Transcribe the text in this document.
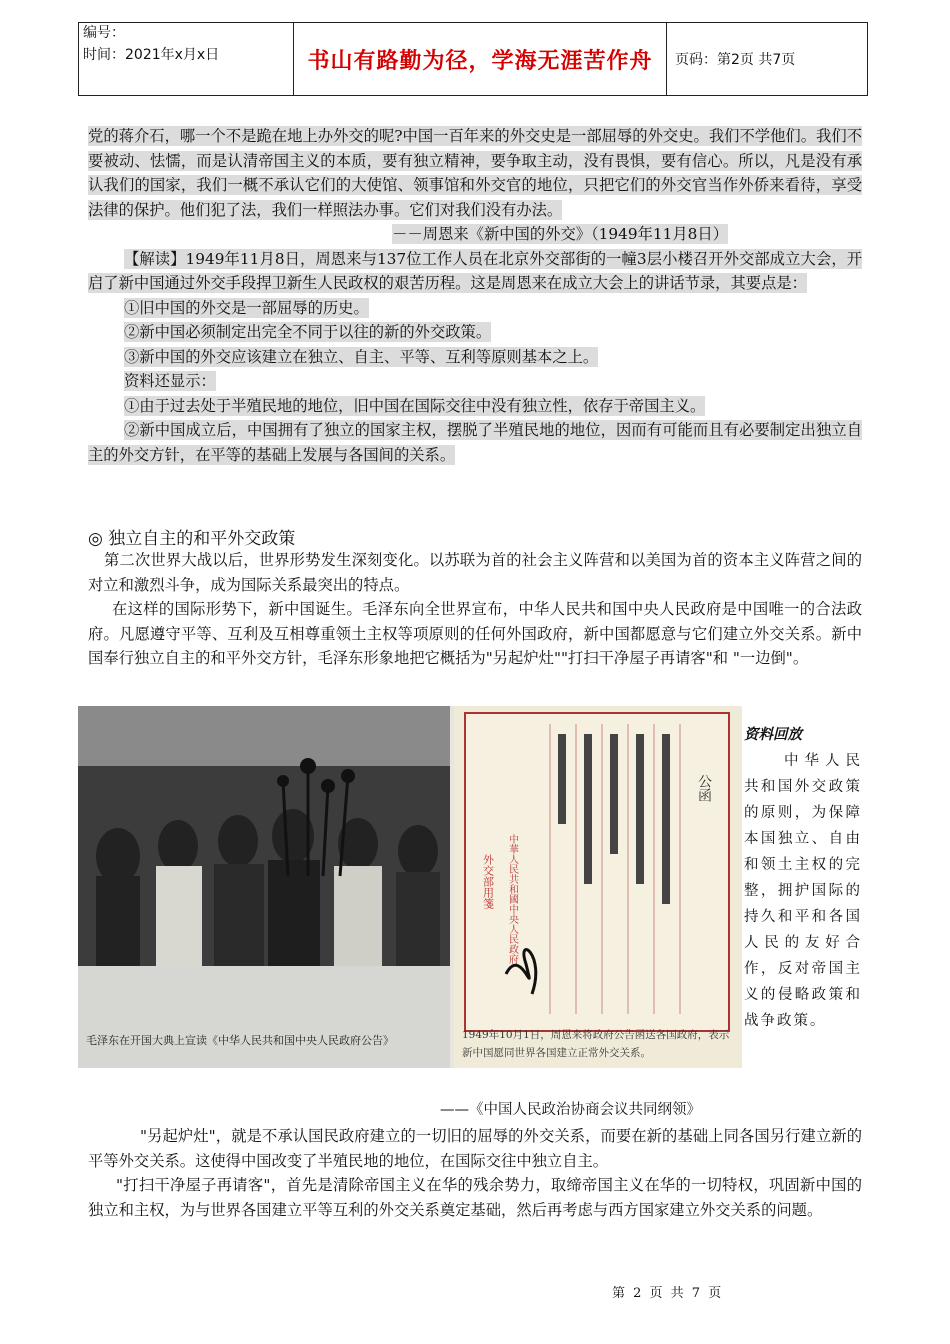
编号：
时间：2021年x月x日	书山有路勤为径，学海无涯苦作舟	页码：第2页 共7页

党的蒋介石，哪一个不是跪在地上办外交的呢?中国一百年来的外交史是一部屈辱的外交史。我们不学他们。我们不要被动、怯懦，而是认清帝国主义的本质，要有独立精神，要争取主动，没有畏惧，要有信心。所以，凡是没有承认我们的国家，我们一概不承认它们的大使馆、领事馆和外交官的地位，只把它们的外交官当作外侨来看待，享受法律的保护。他们犯了法，我们一样照法办事。它们对我们没有办法。

－－周恩来《新中国的外交》（1949年11月8日）

【解读】1949年11月8日，周恩来与137位工作人员在北京外交部街的一幢3层小楼召开外交部成立大会，开启了新中国通过外交手段捍卫新生人民政权的艰苦历程。这是周恩来在成立大会上的讲话节录，其要点是：

①旧中国的外交是一部屈辱的历史。

②新中国必须制定出完全不同于以往的新的外交政策。

③新中国的外交应该建立在独立、自主、平等、互利等原则基本之上。

资料还显示：

①由于过去处于半殖民地的地位，旧中国在国际交往中没有独立性，依存于帝国主义。

②新中国成立后，中国拥有了独立的国家主权，摆脱了半殖民地的地位，因而有可能而且有必要制定出独立自主的外交方针，在平等的基础上发展与各国间的关系。

◎ 独立自主的和平外交政策

第二次世界大战以后，世界形势发生深刻变化。以苏联为首的社会主义阵营和以美国为首的资本主义阵营之间的对立和激烈斗争，成为国际关系最突出的特点。

在这样的国际形势下，新中国诞生。毛泽东向全世界宣布，中华人民共和国中央人民政府是中国唯一的合法政府。凡愿遵守平等、互利及互相尊重领土主权等项原则的任何外国政府，新中国都愿意与它们建立外交关系。新中国奉行独立自主的和平外交方针，毛泽东形象地把它概括为"另起炉灶""打扫干净屋子再请客"和 "一边倒"。

毛泽东在开国大典上宣读《中华人民共和国中央人民政府公告》
公函
外交部用箋 中華人民共和國中央人民政府
1949年10月1日，周恩来将政府公告函送各国政府，表示新中国愿同世界各国建立正常外交关系。
资料回放
中华人民共和国外交政策的原则，为保障本国独立、自由和领土主权的完整，拥护国际的持久和平和各国人民的友好合作，反对帝国主义的侵略政策和战争政策。
——《中国人民政治协商会议共同纲领》

"另起炉灶"，就是不承认国民政府建立的一切旧的屈辱的外交关系，而要在新的基础上同各国另行建立新的平等外交关系。这使得中国改变了半殖民地的地位，在国际交往中独立自主。

"打扫干净屋子再请客"，首先是清除帝国主义在华的残余势力，取缔帝国主义在华的一切特权，巩固新中国的独立和主权，为与世界各国建立平等互利的外交关系奠定基础，然后再考虑与西方国家建立外交关系的问题。

第 2 页 共 7 页
